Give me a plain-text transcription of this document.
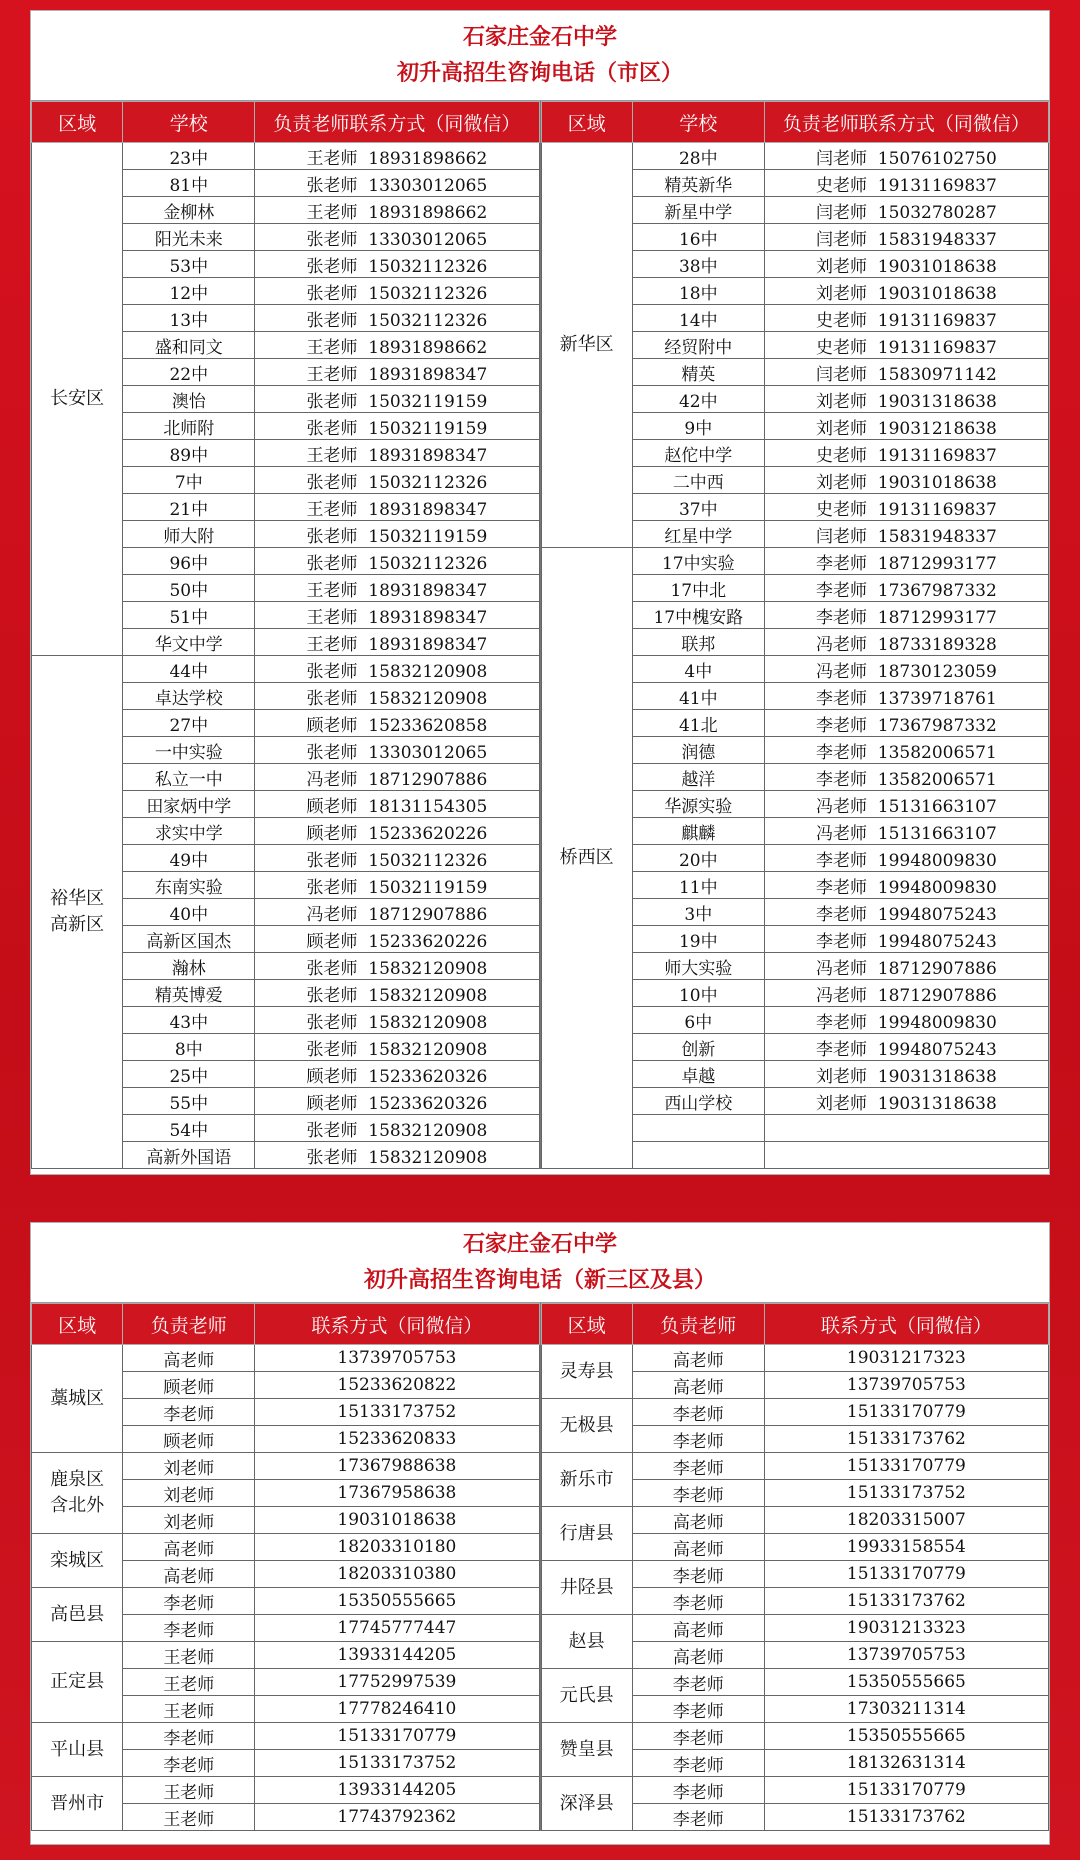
石家庄金石中学
初升高招生咨询电话（市区）
区域	学校	负责老师联系方式（同微信）
长安区	23中	王老师  18931898662
	81中	张老师  13303012065
	金柳林	王老师  18931898662
	阳光未来	张老师  13303012065
	53中	张老师  15032112326
	12中	张老师  15032112326
	13中	张老师  15032112326
	盛和同文	王老师  18931898662
	22中	王老师  18931898347
	澳怡	张老师  15032119159
	北师附	张老师  15032119159
	89中	王老师  18931898347
	7中	张老师  15032112326
	21中	王老师  18931898347
	师大附	张老师  15032119159
	96中	张老师  15032112326
	50中	王老师  18931898347
	51中	王老师  18931898347
	华文中学	王老师  18931898347
裕华区
高新区	44中	张老师  15832120908
	卓达学校	张老师  15832120908
	27中	顾老师  15233620858
	一中实验	张老师  13303012065
	私立一中	冯老师  18712907886
	田家炳中学	顾老师  18131154305
	求实中学	顾老师  15233620226
	49中	张老师  15032112326
	东南实验	张老师  15032119159
	40中	冯老师  18712907886
	高新区国杰	顾老师  15233620226
	瀚林	张老师  15832120908
	精英博爱	张老师  15832120908
	43中	张老师  15832120908
	8中	张老师  15832120908
	25中	顾老师  15233620326
	55中	顾老师  15233620326
	54中	张老师  15832120908
	高新外国语	张老师  15832120908
区域	学校	负责老师联系方式（同微信）
新华区	28中	闫老师  15076102750
	精英新华	史老师  19131169837
	新星中学	闫老师  15032780287
	16中	闫老师  15831948337
	38中	刘老师  19031018638
	18中	刘老师  19031018638
	14中	史老师  19131169837
	经贸附中	史老师  19131169837
	精英	闫老师  15830971142
	42中	刘老师  19031318638
	9中	刘老师  19031218638
	赵佗中学	史老师  19131169837
	二中西	刘老师  19031018638
	37中	史老师  19131169837
	红星中学	闫老师  15831948337
桥西区	17中实验	李老师  18712993177
	17中北	李老师  17367987332
	17中槐安路	李老师  18712993177
	联邦	冯老师  18733189328
	4中	冯老师  18730123059
	41中	李老师  13739718761
	41北	李老师  17367987332
	润德	李老师  13582006571
	越洋	李老师  13582006571
	华源实验	冯老师  15131663107
	麒麟	冯老师  15131663107
	20中	李老师  19948009830
	11中	李老师  19948009830
	3中	李老师  19948075243
	19中	李老师  19948075243
	师大实验	冯老师  18712907886
	10中	冯老师  18712907886
	6中	李老师  19948009830
	创新	李老师  19948075243
	卓越	刘老师  19031318638
	西山学校	刘老师  19031318638

石家庄金石中学
初升高招生咨询电话（新三区及县）
区域	负责老师	联系方式（同微信）
藁城区	高老师	13739705753
	顾老师	15233620822
	李老师	15133173752
	顾老师	15233620833
鹿泉区
含北外	刘老师	17367988638
	刘老师	17367958638
	刘老师	19031018638
栾城区	高老师	18203310180
	高老师	18203310380
高邑县	李老师	15350555665
	李老师	17745777447
正定县	王老师	13933144205
	王老师	17752997539
	王老师	17778246410
平山县	李老师	15133170779
	李老师	15133173752
晋州市	王老师	13933144205
	王老师	17743792362
区域	负责老师	联系方式（同微信）
灵寿县	高老师	19031217323
	高老师	13739705753
无极县	李老师	15133170779
	李老师	15133173762
新乐市	李老师	15133170779
	李老师	15133173752
行唐县	高老师	18203315007
	高老师	19933158554
井陉县	李老师	15133170779
	李老师	15133173762
赵县	高老师	19031213323
	高老师	13739705753
元氏县	李老师	15350555665
	李老师	17303211314
赞皇县	李老师	15350555665
	李老师	18132631314
深泽县	李老师	15133170779
	李老师	15133173762
